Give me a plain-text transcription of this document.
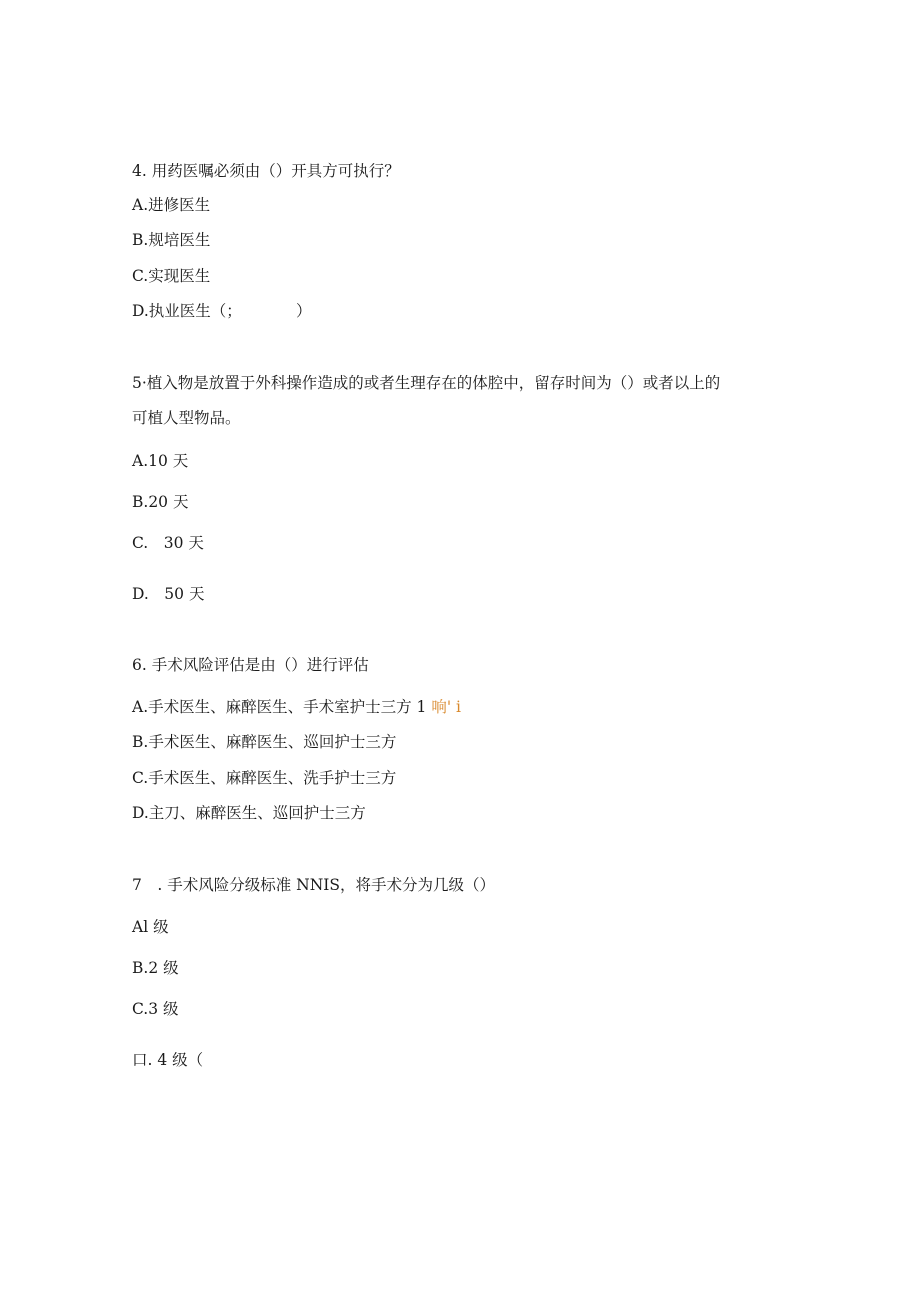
4. 用药医嘱必须由（）开具方可执行？
A.进修医生
B.规培医生
C.实现医生
D.执业医生（；　　　　）
5·植入物是放置于外科操作造成的或者生理存在的体腔中，留存时间为（）或者以上的
可植人型物品。
A.10 天
B.20 天
C.　30 天
D.　50 天
6. 手术风险评估是由（）进行评估
A.手术医生、麻醉医生、手术室护士三方 1 响' i
B.手术医生、麻醉医生、巡回护士三方
C.手术医生、麻醉医生、洗手护士三方
D.主刀、麻醉医生、巡回护士三方
7　. 手术风险分级标准 NNIS，将手术分为几级（）
Al 级
B.2 级
C.3 级
口. 4 级（
